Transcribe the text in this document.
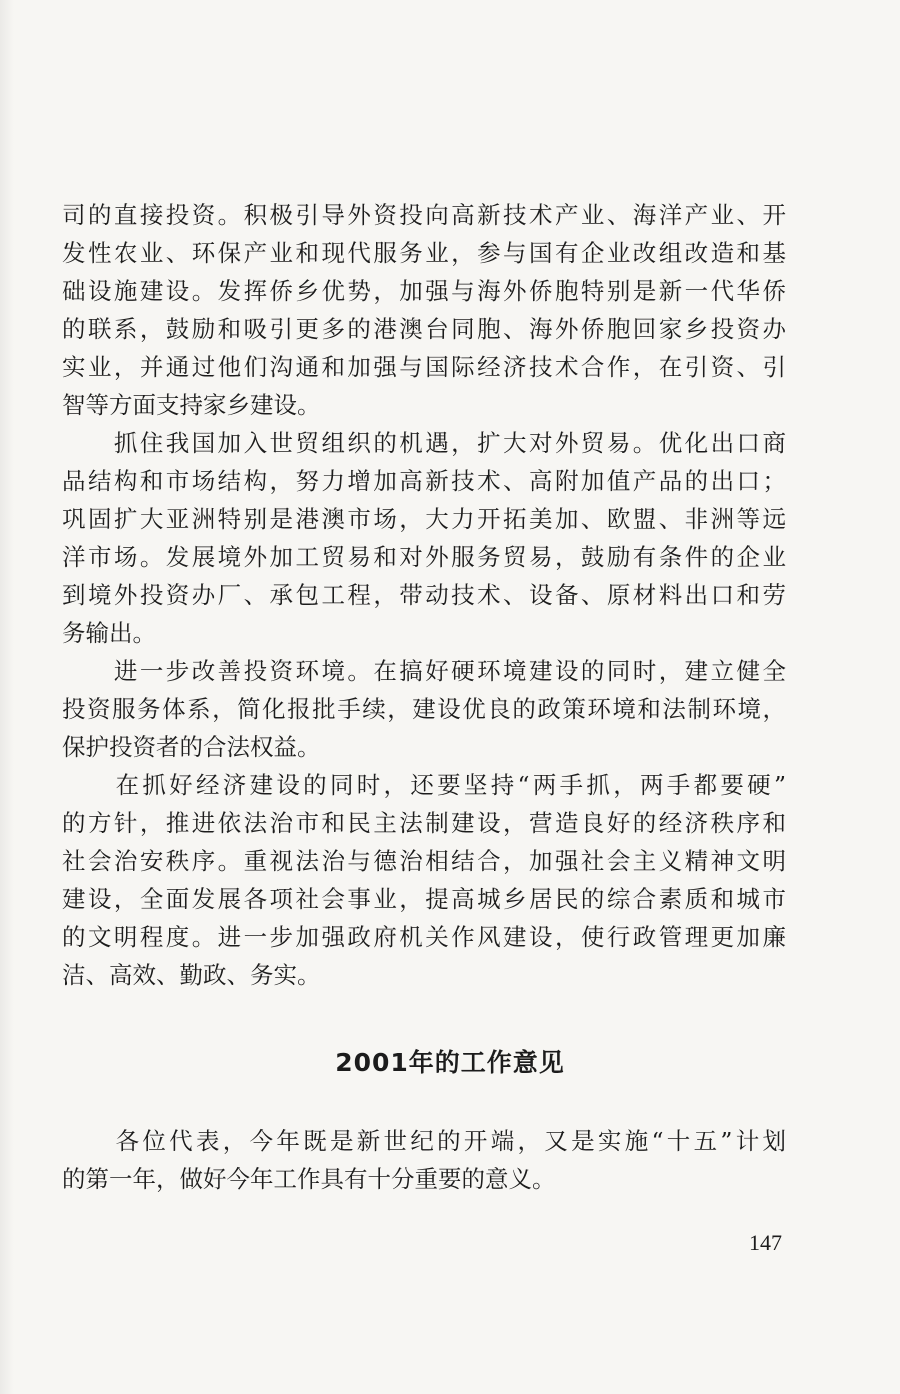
司的直接投资。积极引导外资投向高新技术产业、海洋产业、开
发性农业、环保产业和现代服务业，参与国有企业改组改造和基
础设施建设。发挥侨乡优势，加强与海外侨胞特别是新一代华侨
的联系，鼓励和吸引更多的港澳台同胞、海外侨胞回家乡投资办
实业，并通过他们沟通和加强与国际经济技术合作，在引资、引
智等方面支持家乡建设。
　　抓住我国加入世贸组织的机遇，扩大对外贸易。优化出口商
品结构和市场结构，努力增加高新技术、高附加值产品的出口；
巩固扩大亚洲特别是港澳市场，大力开拓美加、欧盟、非洲等远
洋市场。发展境外加工贸易和对外服务贸易，鼓励有条件的企业
到境外投资办厂、承包工程，带动技术、设备、原材料出口和劳
务输出。
　　进一步改善投资环境。在搞好硬环境建设的同时，建立健全
投资服务体系，简化报批手续，建设优良的政策环境和法制环境，
保护投资者的合法权益。
　　在抓好经济建设的同时，还要坚持“两手抓，两手都要硬”
的方针，推进依法治市和民主法制建设，营造良好的经济秩序和
社会治安秩序。重视法治与德治相结合，加强社会主义精神文明
建设，全面发展各项社会事业，提高城乡居民的综合素质和城市
的文明程度。进一步加强政府机关作风建设，使行政管理更加廉
洁、高效、勤政、务实。
　　各位代表，今年既是新世纪的开端，又是实施“十五”计划
的第一年，做好今年工作具有十分重要的意义。
2001年的工作意见
147
